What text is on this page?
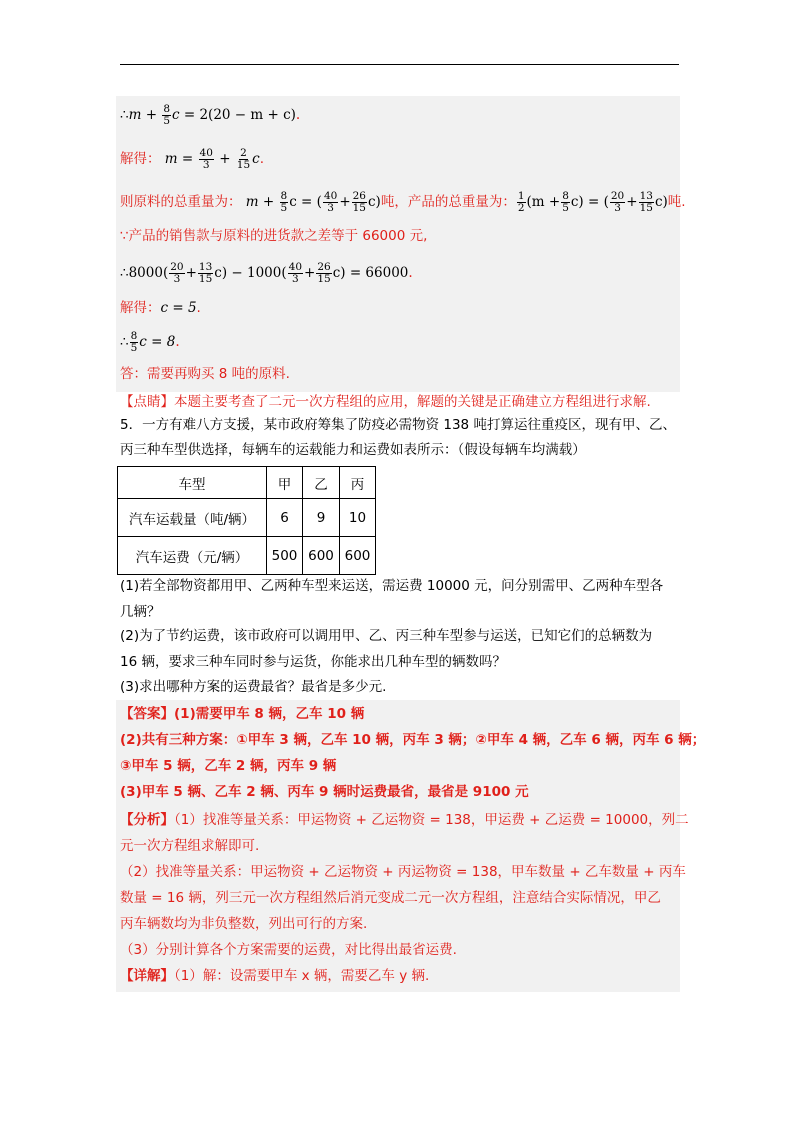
∴m + $\frac{8}{5}$ c = 2(20 − m + c).
解得： $m = \frac{40}{3} + \frac{2}{15} c$.
则原料的总重量为： $m + \frac{8}{5}$ c = ( $\frac{40}{3} + \frac{26}{15} c$)吨，产品的总重量为： $\frac{1}{2} (m + \frac{8}{5} c)$ = ( $\frac{20}{3} + \frac{13}{15} c$)吨.
∵产品的销售款与原料的进货款之差等于 66000 元,
∴8000( $\frac{20}{3} + \frac{13}{15} c) - 1000( \frac{40}{3} + \frac{26}{15} c) = 66000$.
解得：c = 5.
∴ $\frac{8}{5}$ c = 8.
答：需要再购买 8 吨的原料.
【点睛】本题主要考查了二元一次方程组的应用，解题的关键是正确建立方程组进行求解.
5．一方有难八方支援，某市政府筹集了防疫必需物资 138 吨打算运往重疫区，现有甲、乙、
丙三种车型供选择，每辆车的运载能力和运费如表所示：（假设每辆车均满载）
车型	甲	乙	丙
汽车运载量（吨/辆）	6	9	10
汽车运费（元/辆）	500	600	600
(1)若全部物资都用甲、乙两种车型来运送，需运费 10000 元，问分别需甲、乙两种车型各
几辆？
(2)为了节约运费，该市政府可以调用甲、乙、丙三种车型参与运送，已知它们的总辆数为
16 辆，要求三种车同时参与运货，你能求出几种车型的辆数吗？
(3)求出哪种方案的运费最省？最省是多少元.
【答案】(1)需要甲车 8 辆，乙车 10 辆
(2)共有三种方案：①甲车 3 辆，乙车 10 辆，丙车 3 辆；②甲车 4 辆，乙车 6 辆，丙车 6 辆；
③甲车 5 辆，乙车 2 辆，丙车 9 辆
(3)甲车 5 辆、乙车 2 辆、丙车 9 辆时运费最省，最省是 9100 元
【分析】（1）找准等量关系：甲运物资 + 乙运物资 = 138，甲运费 + 乙运费 = 10000，列二
元一次方程组求解即可.
（2）找准等量关系：甲运物资 + 乙运物资 + 丙运物资 = 138，甲车数量 + 乙车数量 + 丙车
数量 = 16 辆，列三元一次方程组然后消元变成二元一次方程组，注意结合实际情况，甲乙
丙车辆数均为非负整数，列出可行的方案.
（3）分别计算各个方案需要的运费，对比得出最省运费.
【详解】（1）解：设需要甲车 x 辆，需要乙车 y 辆.
